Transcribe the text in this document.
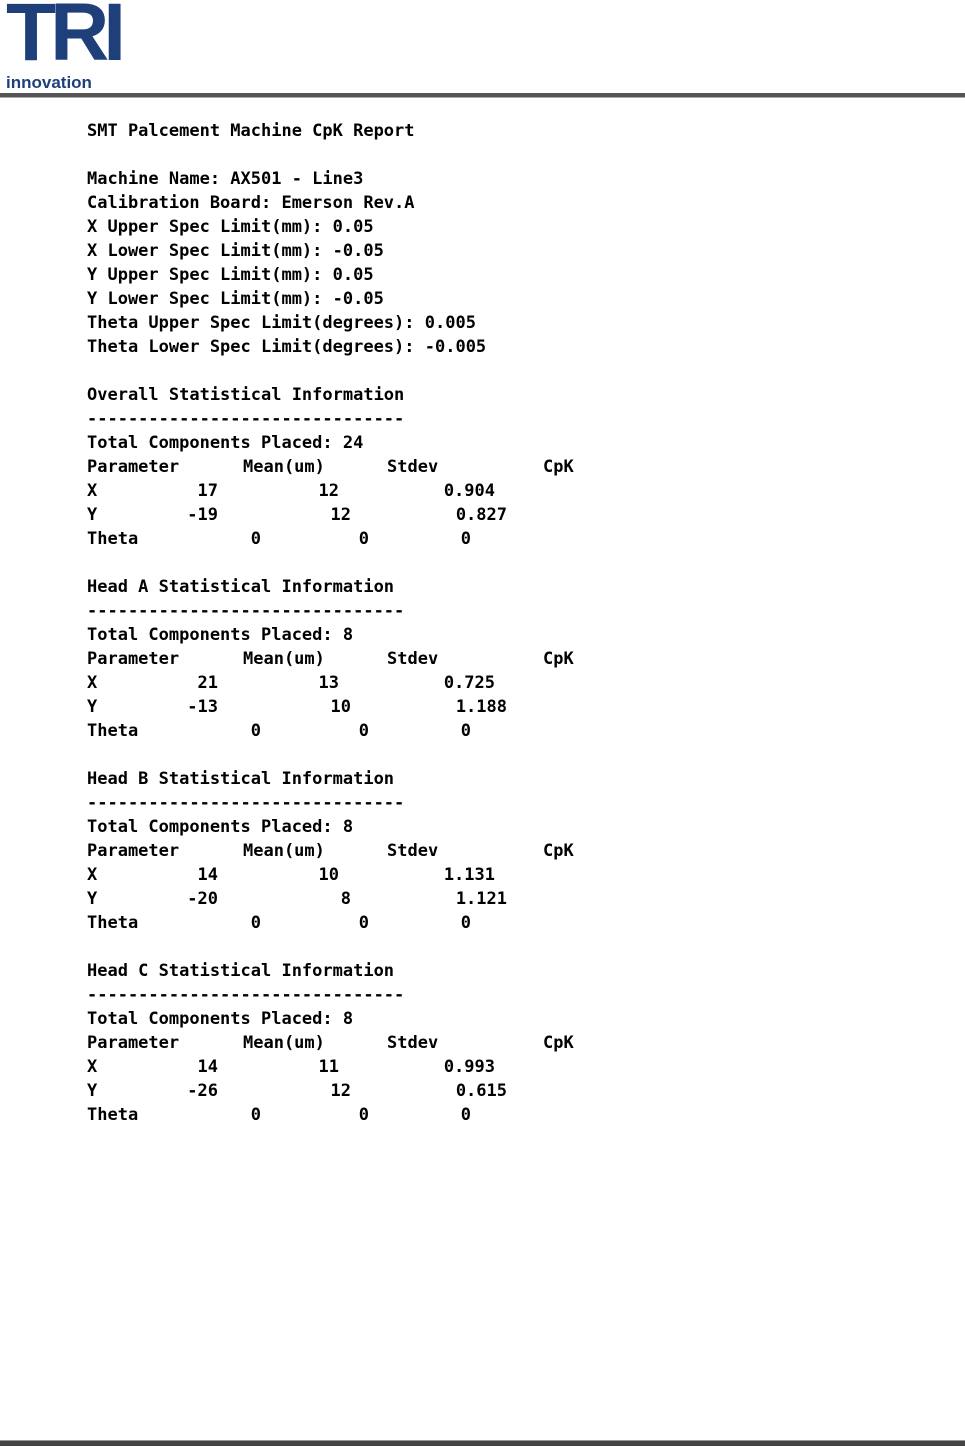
TRI
innovation
SMT Palcement Machine CpK Report
Machine Name: AX501 - Line3
Calibration Board: Emerson Rev.A
X Upper Spec Limit(mm): 0.05
X Lower Spec Limit(mm): -0.05
Y Upper Spec Limit(mm): 0.05
Y Lower Spec Limit(mm): -0.05
Theta Upper Spec Limit(degrees): 0.005
Theta Lower Spec Limit(degrees): -0.005
Overall Statistical Information
-------------------------------
Total Components Placed: 24
Parameter	Mean(um)	Stdev	CpK
X	17	12	0.904
Y	-19	12	0.827
Theta	0	0	0
Head A Statistical Information
-------------------------------
Total Components Placed: 8
Parameter	Mean(um)	Stdev	CpK
X	21	13	0.725
Y	-13	10	1.188
Theta	0	0	0
Head B Statistical Information
-------------------------------
Total Components Placed: 8
Parameter	Mean(um)	Stdev	CpK
X	14	10	1.131
Y	-20	8	1.121
Theta	0	0	0
Head C Statistical Information
-------------------------------
Total Components Placed: 8
Parameter	Mean(um)	Stdev	CpK
X	14	11	0.993
Y	-26	12	0.615
Theta	0	0	0
